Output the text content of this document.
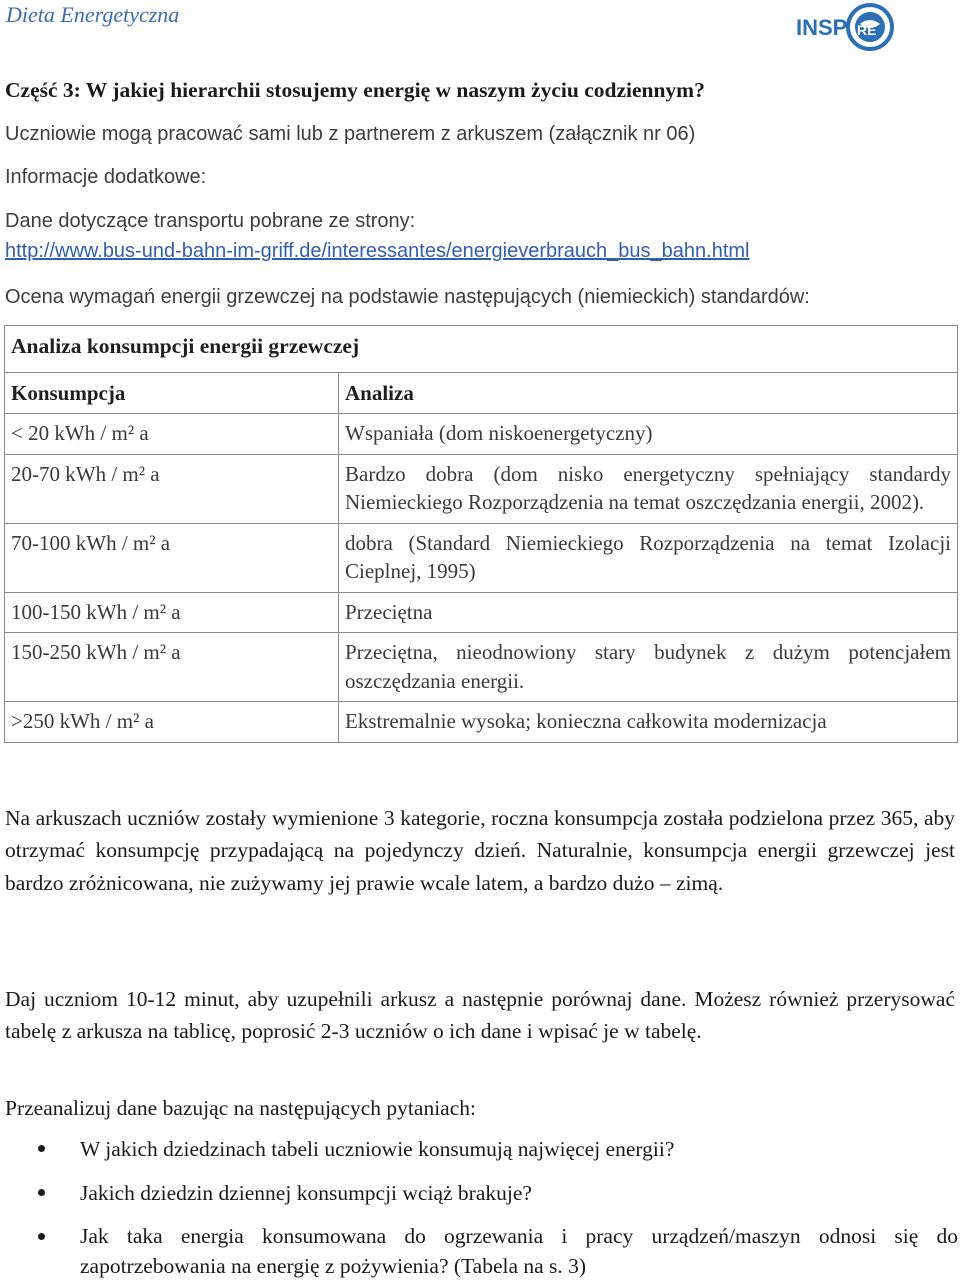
Dieta Energetyczna
INSP RE
Część 3: W jakiej hierarchii stosujemy energię w naszym życiu codziennym?
Uczniowie mogą pracować sami lub z partnerem z arkuszem (załącznik nr 06)
Informacje dodatkowe:
Dane dotyczące transportu pobrane ze strony:
http://www.bus-und-bahn-im-griff.de/interessantes/energieverbrauch_bus_bahn.html
Ocena wymagań energii grzewczej na podstawie następujących (niemieckich) standardów:
Analiza konsumpcji energii grzewczej	
Konsumpcja	Analiza
< 20 kWh / m² a	Wspaniała (dom niskoenergetyczny)
20-70 kWh / m² a	Bardzo dobra (dom nisko energetyczny spełniający standardy Niemieckiego Rozporządzenia na temat oszczędzania energii, 2002).
70-100 kWh / m² a	dobra (Standard Niemieckiego Rozporządzenia na temat Izolacji Cieplnej, 1995)
100-150 kWh / m² a	Przeciętna
150-250 kWh / m² a	Przeciętna, nieodnowiony stary budynek z dużym potencjałem oszczędzania energii.
>250 kWh / m² a	Ekstremalnie wysoka; konieczna całkowita modernizacja
Na arkuszach uczniów zostały wymienione 3 kategorie, roczna konsumpcja została podzielona przez 365, aby otrzymać konsumpcję przypadającą na pojedynczy dzień. Naturalnie, konsumpcja energii grzewczej jest bardzo zróżnicowana, nie zużywamy jej prawie wcale latem, a bardzo dużo – zimą.
Daj uczniom 10-12 minut, aby uzupełnili arkusz a następnie porównaj dane. Możesz również przerysować tabelę z arkusza na tablicę, poprosić 2-3 uczniów o ich dane i wpisać je w tabelę.
Przeanalizuj dane bazując na następujących pytaniach:
W jakich dziedzinach tabeli uczniowie konsumują najwięcej energii?
Jakich dziedzin dziennej konsumpcji wciąż brakuje?
Jak taka energia konsumowana do ogrzewania i pracy urządzeń/maszyn odnosi się do zapotrzebowania na energię z pożywienia? (Tabela na s. 3)
